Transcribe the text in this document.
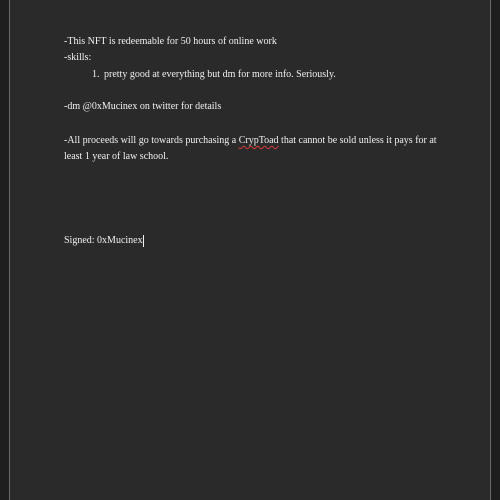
-This NFT is redeemable for 50 hours of online work
-skills:
1. pretty good at everything but dm for more info. Seriously.
-dm @0xMucinex on twitter for details
-All proceeds will go towards purchasing a CrypToad that cannot be sold unless it pays for at
least 1 year of law school.
Signed: 0xMucinex
